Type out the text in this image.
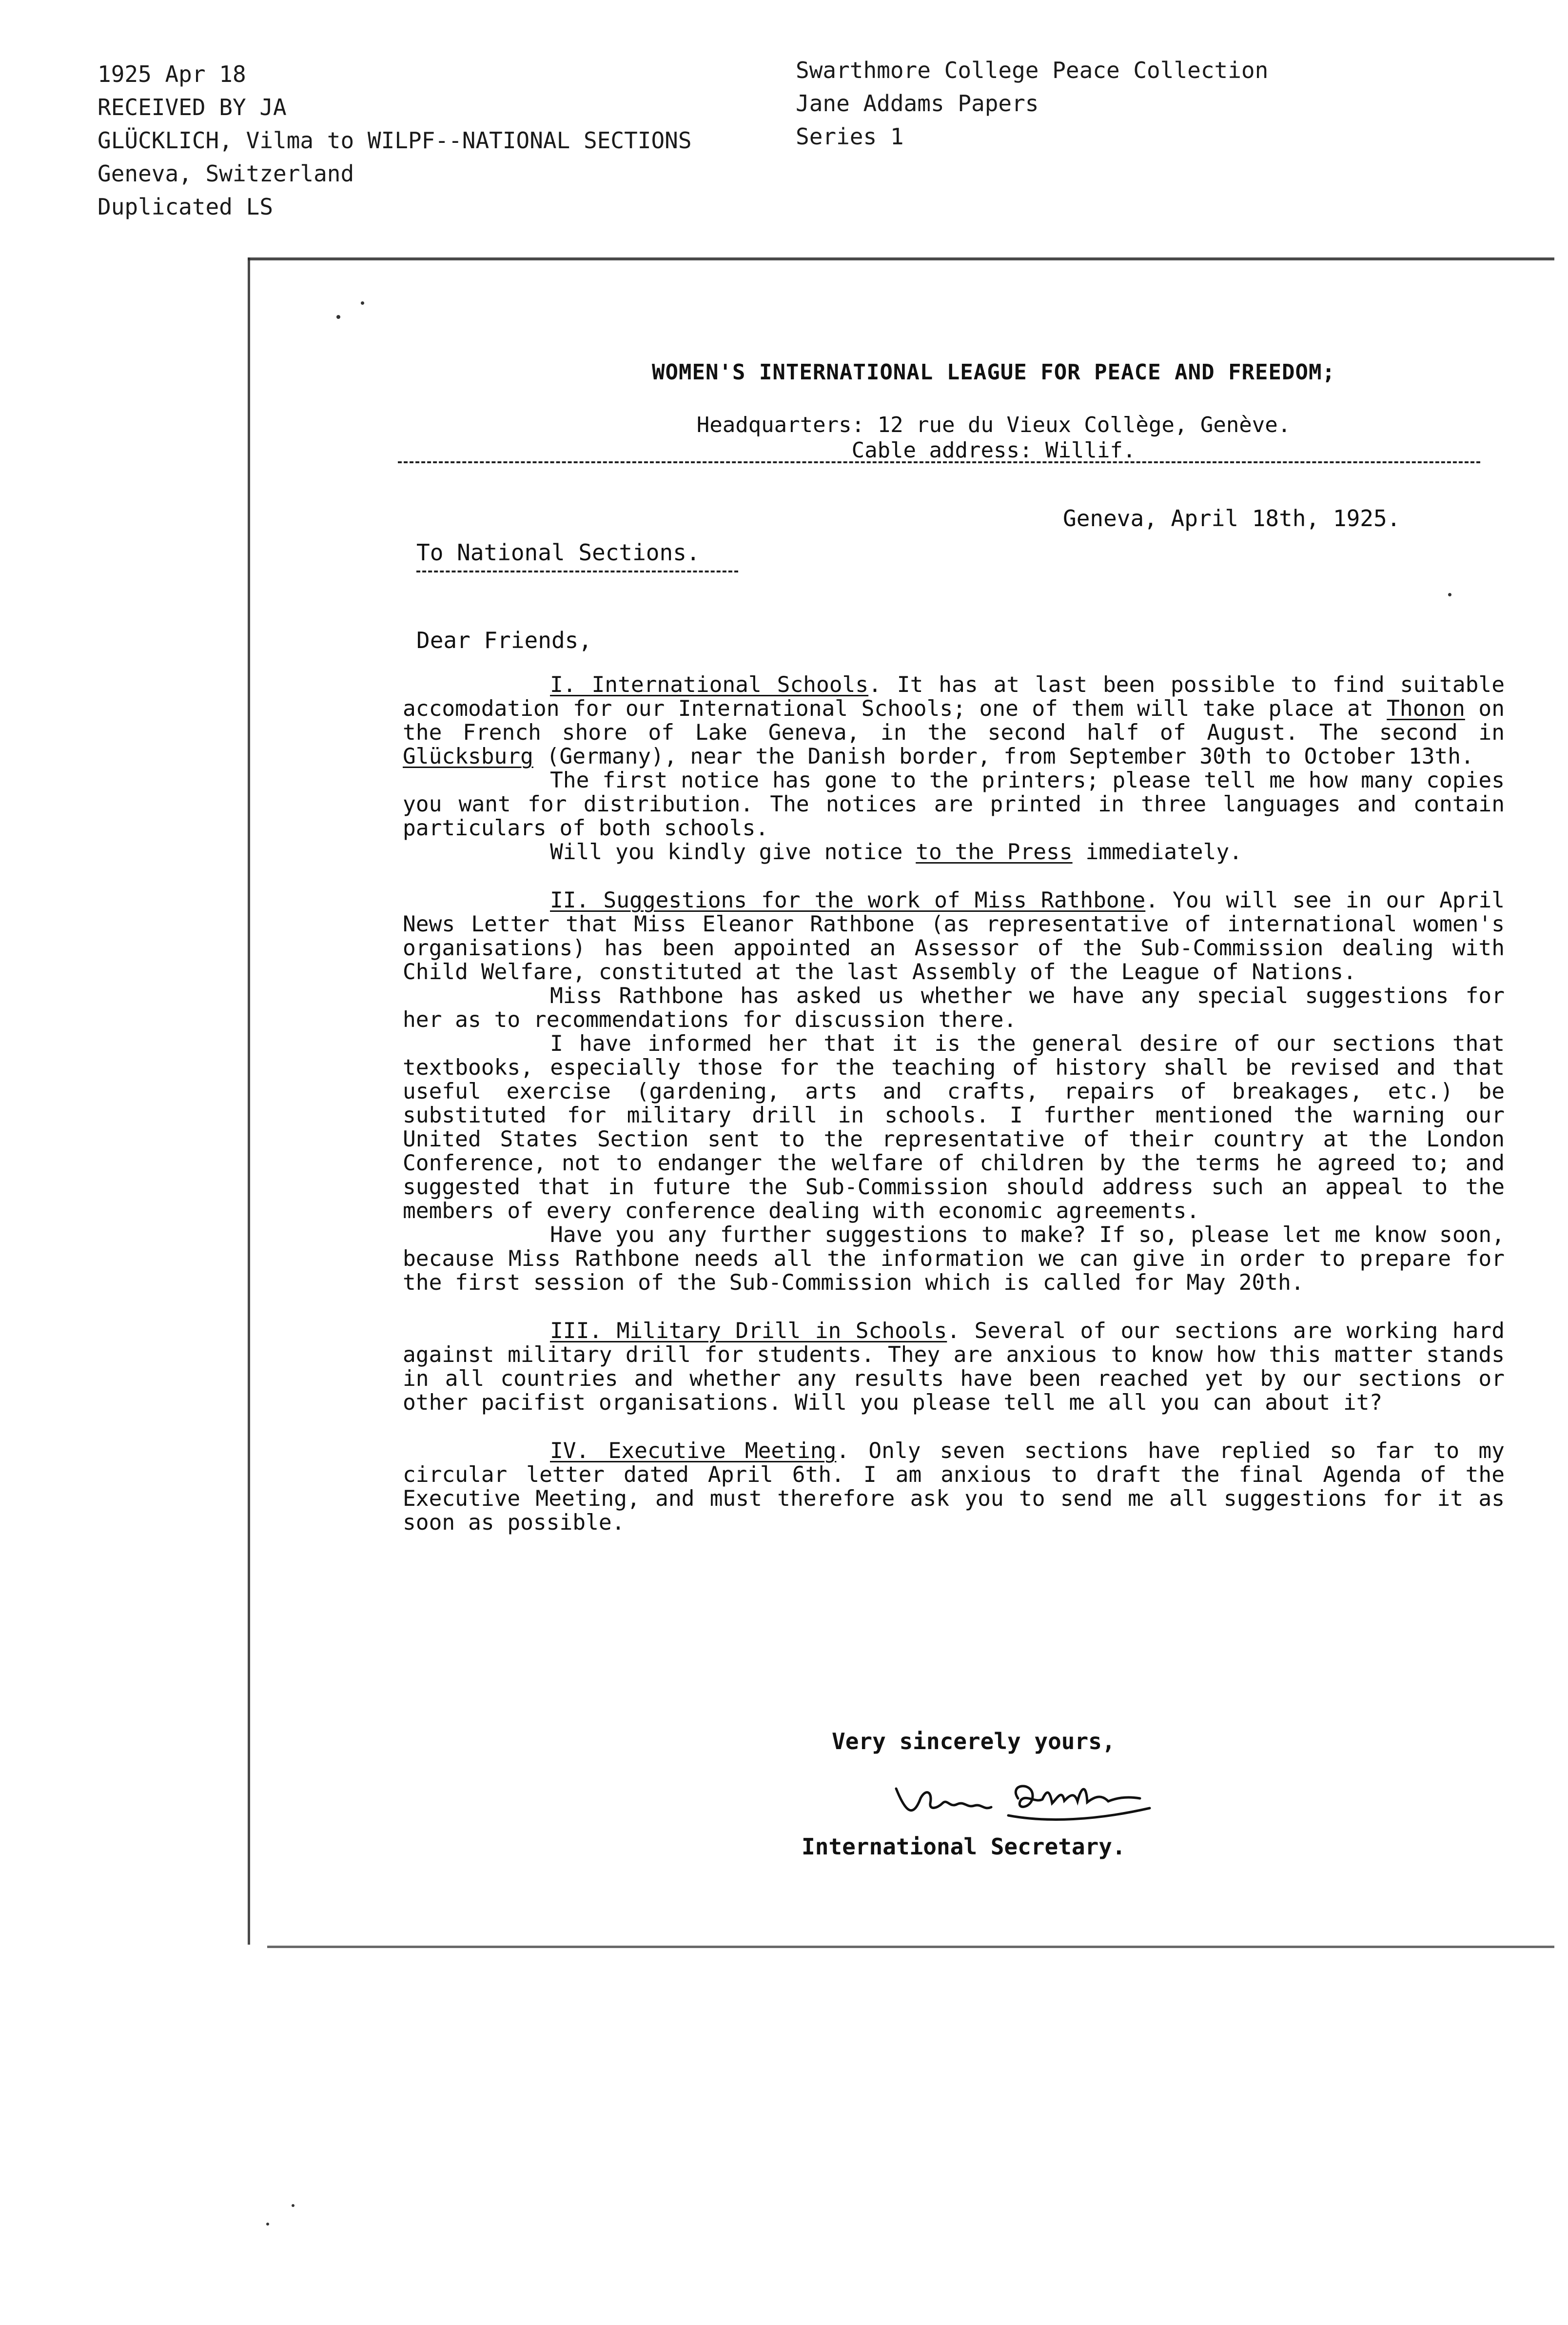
1925 Apr 18
RECEIVED BY JA
GLÜCKLICH, Vilma to WILPF--NATIONAL SECTIONS
Geneva, Switzerland
Duplicated LS
Swarthmore College Peace Collection
Jane Addams Papers
Series 1
WOMEN'S INTERNATIONAL LEAGUE FOR PEACE AND FREEDOM;
Headquarters: 12 rue du Vieux Collège, Genève.
Cable address: Willif.
Geneva, April 18th, 1925.
To National Sections.
Dear Friends,

I. International Schools. It has at last been possible to find suitable accomodation for our International Schools; one of them will take place at Thonon on the French shore of Lake Geneva, in the second half of August. The second in Glücksburg (Germany), near the Danish border, from September 30th to October 13th.

The first notice has gone to the printers; please tell me how many copies you want for distribution. The notices are printed in three languages and contain particulars of both schools.

Will you kindly give notice to the Press immediately.

II. Suggestions for the work of Miss Rathbone. You will see in our April News Letter that Miss Eleanor Rathbone (as representative of international women's organisations) has been appointed an Assessor of the Sub-Commission dealing with Child Welfare, constituted at the last Assembly of the League of Nations.

Miss Rathbone has asked us whether we have any special suggestions for her as to recommendations for discussion there.

I have informed her that it is the general desire of our sections that textbooks, especially those for the teaching of history shall be revised and that useful exercise (gardening, arts and crafts, repairs of breakages, etc.) be substituted for military drill in schools. I further mentioned the warning our United States Section sent to the representative of their country at the London Conference, not to endanger the welfare of children by the terms he agreed to; and suggested that in future the Sub-Commission should address such an appeal to the members of every conference dealing with economic agreements.

Have you any further suggestions to make? If so, please let me know soon, because Miss Rathbone needs all the information we can give in order to prepare for the first session of the Sub-Commission which is called for May 20th.

III. Military Drill in Schools. Several of our sections are working hard against military drill for students. They are anxious to know how this matter stands in all countries and whether any results have been reached yet by our sections or other pacifist organisations. Will you please tell me all you can about it?

IV. Executive Meeting. Only seven sections have replied so far to my circular letter dated April 6th. I am anxious to draft the final Agenda of the Executive Meeting, and must therefore ask you to send me all suggestions for it as soon as possible.

Very sincerely yours,
International Secretary.
